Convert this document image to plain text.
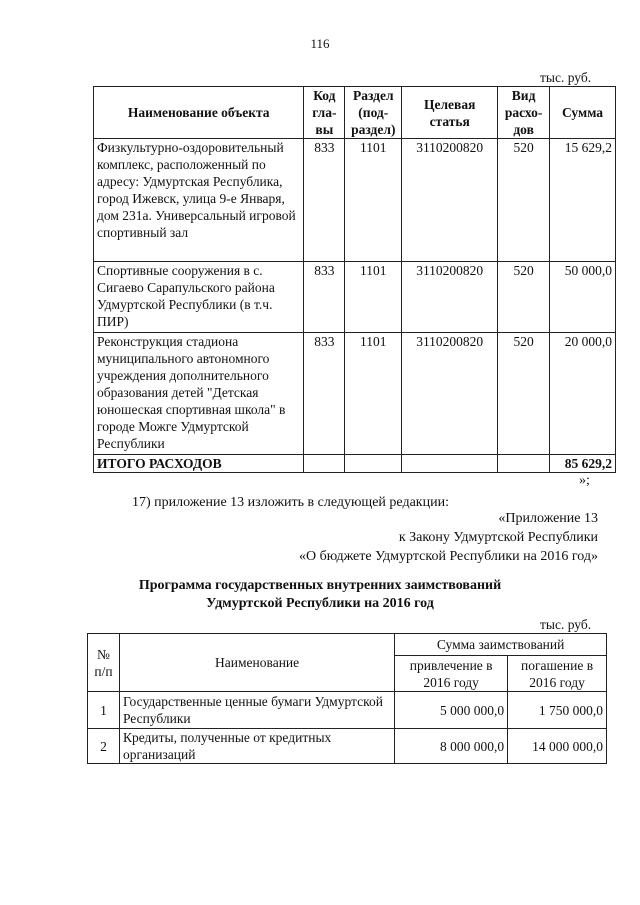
116
тыс. руб.
Наименование объекта	Код гла-вы	Раздел (под-раздел)	Целевая статья	Вид расхо-дов	Сумма
Физкультурно-оздоровительный комплекс, расположенный по адресу: Удмуртская Республика, город Ижевск, улица 9-е Января, дом 231а. Универсальный игровой спортивный зал	833	1101	3110200820	520	15 629,2
Спортивные сооружения в с. Сигаево Сарапульского района Удмуртской Республики (в т.ч. ПИР)	833	1101	3110200820	520	50 000,0
Реконструкция стадиона муниципального автономного учреждения дополнительного образования детей "Детская юношеская спортивная школа" в городе Можге Удмуртской Республики	833	1101	3110200820	520	20 000,0
ИТОГО РАСХОДОВ					85 629,2
»;
17) приложение 13 изложить в следующей редакции:
«Приложение 13
к Закону Удмуртской Республики
«О бюджете Удмуртской Республики на 2016 год»
Программа государственных внутренних заимствований
Удмуртской Республики на 2016 год
тыс. руб.
№ п/п	Наименование	Сумма заимствований	
		привлечение в 2016 году	погашение в 2016 году
1	Государственные ценные бумаги Удмуртской Республики	5 000 000,0	1 750 000,0
2	Кредиты, полученные от кредитных организаций	8 000 000,0	14 000 000,0
